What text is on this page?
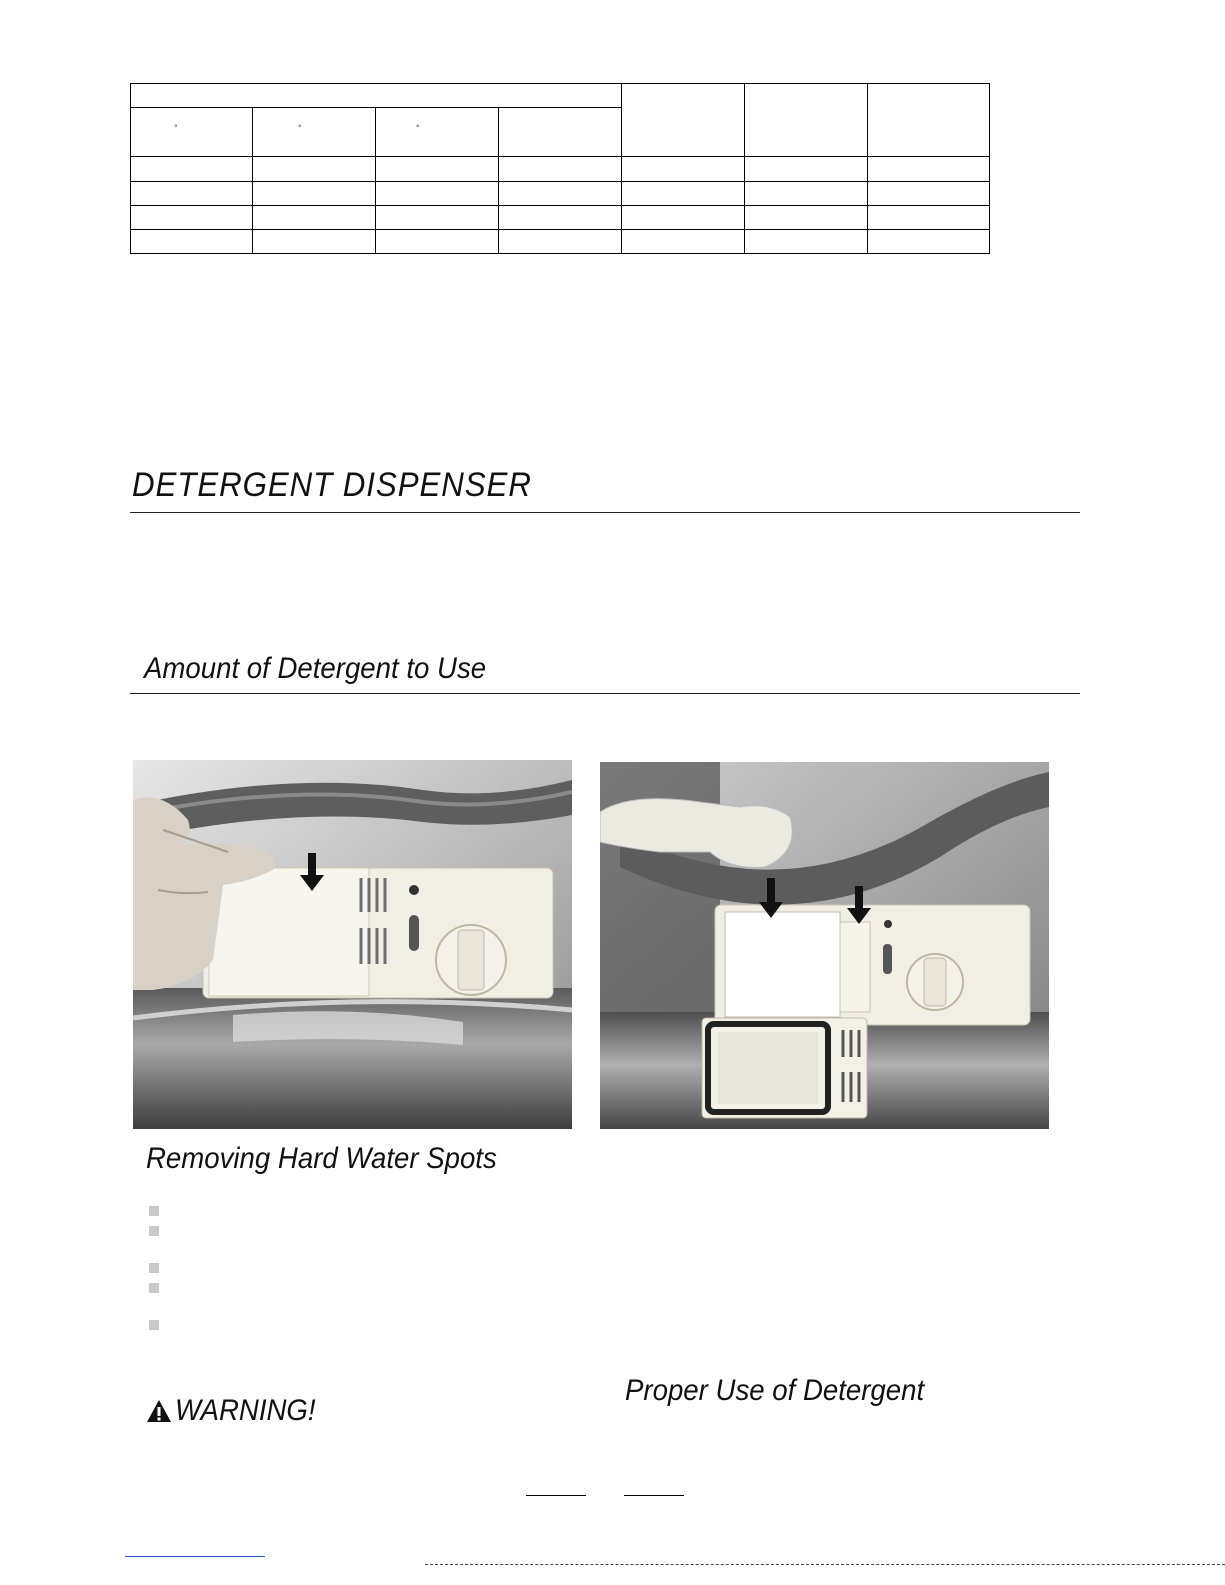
°	°	°
DETERGENT DISPENSER
Amount of Detergent to Use
Removing Hard Water Spots
WARNING!
Proper Use of Detergent
